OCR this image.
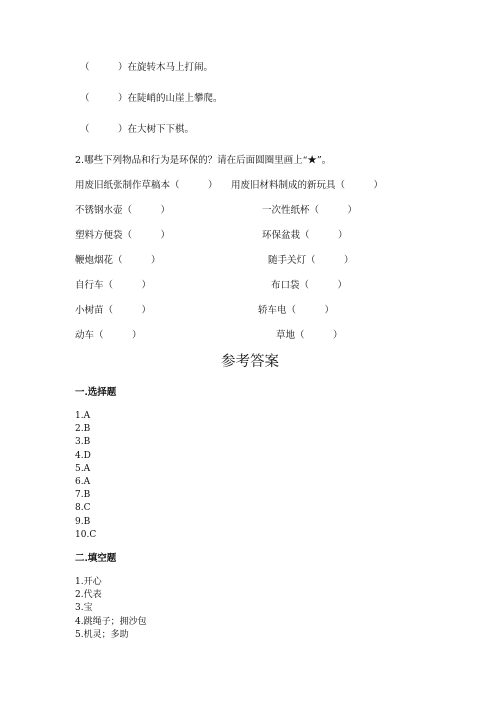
（　　　）在旋转木马上打闹。
（　　　）在陡峭的山崖上攀爬。
（　　　）在大树下下棋。
2.哪些下列物品和行为是环保的？请在后面圆圈里画上“★”。
用废旧纸张制作草稿本（　　　） 用废旧材料制成的新玩具（　　　）
不锈钢水壶（　　　）	一次性纸杯（　　　）
塑料方便袋（　　　）	环保盆栽（　　　）
鞭炮烟花（　　　）	随手关灯（　　　）
自行车（　　　）	布口袋（　　　）
小树苗（　　　）	轿车电（　　　）
动车（　　　）	草地（　　　）
参考答案
一.选择题
1.A
2.B
3.B
4.D
5.A
6.A
7.B
8.C
9.B
10.C
二.填空题
1.开心
2.代表
3.宝
4.跳绳子；拥沙包
5.机灵；多助
